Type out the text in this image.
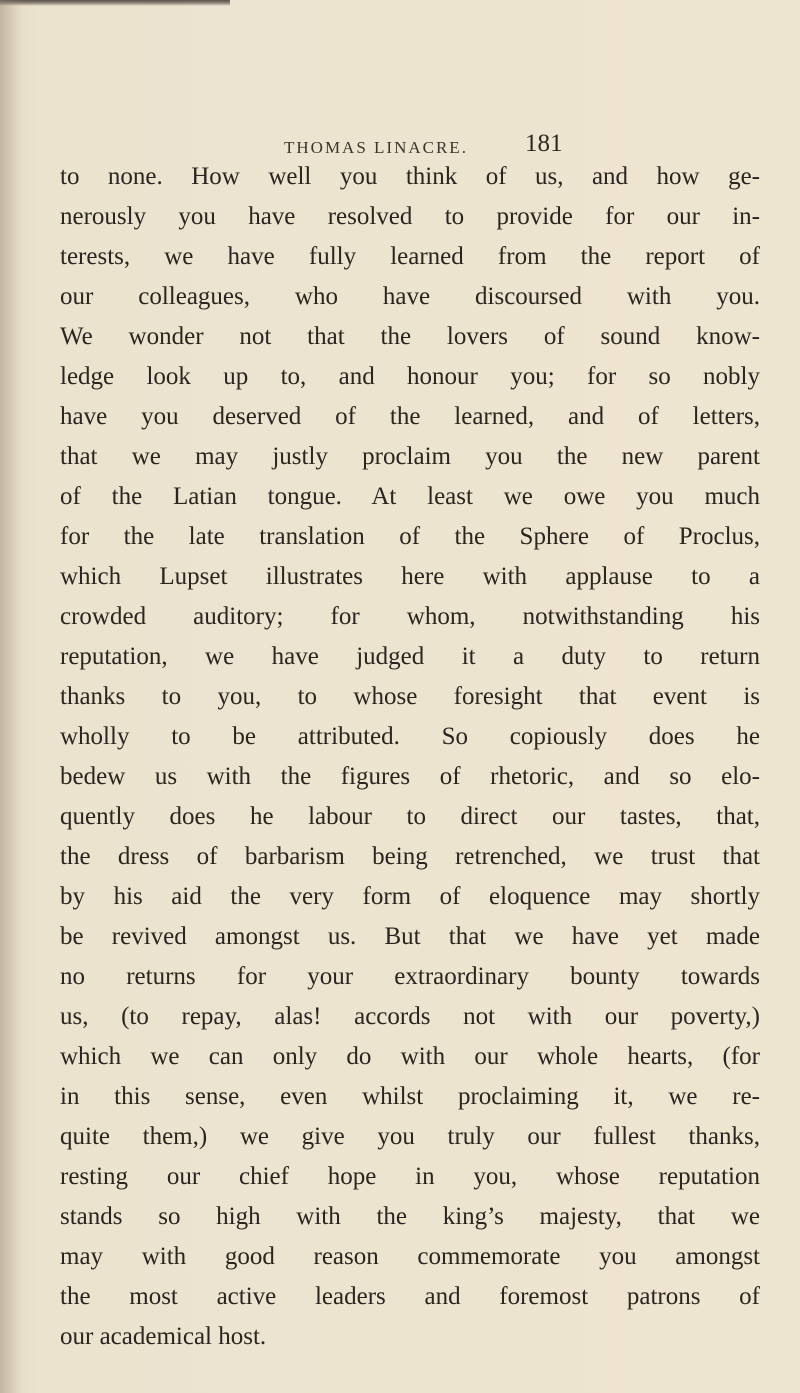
THOMAS LINACRE. 181
to none. How well you think of us, and how ge-
nerously you have resolved to provide for our in-
terests, we have fully learned from the report of
our colleagues, who have discoursed with you.
We wonder not that the lovers of sound know-
ledge look up to, and honour you; for so nobly
have you deserved of the learned, and of letters,
that we may justly proclaim you the new parent
of the Latian tongue. At least we owe you much
for the late translation of the Sphere of Proclus,
which Lupset illustrates here with applause to a
crowded auditory; for whom, notwithstanding his
reputation, we have judged it a duty to return
thanks to you, to whose foresight that event is
wholly to be attributed. So copiously does he
bedew us with the figures of rhetoric, and so elo-
quently does he labour to direct our tastes, that,
the dress of barbarism being retrenched, we trust that
by his aid the very form of eloquence may shortly
be revived amongst us. But that we have yet made
no returns for your extraordinary bounty towards
us, (to repay, alas! accords not with our poverty,)
which we can only do with our whole hearts, (for
in this sense, even whilst proclaiming it, we re-
quite them,) we give you truly our fullest thanks,
resting our chief hope in you, whose reputation
stands so high with the king’s majesty, that we
may with good reason commemorate you amongst
the most active leaders and foremost patrons of
our academical host.
